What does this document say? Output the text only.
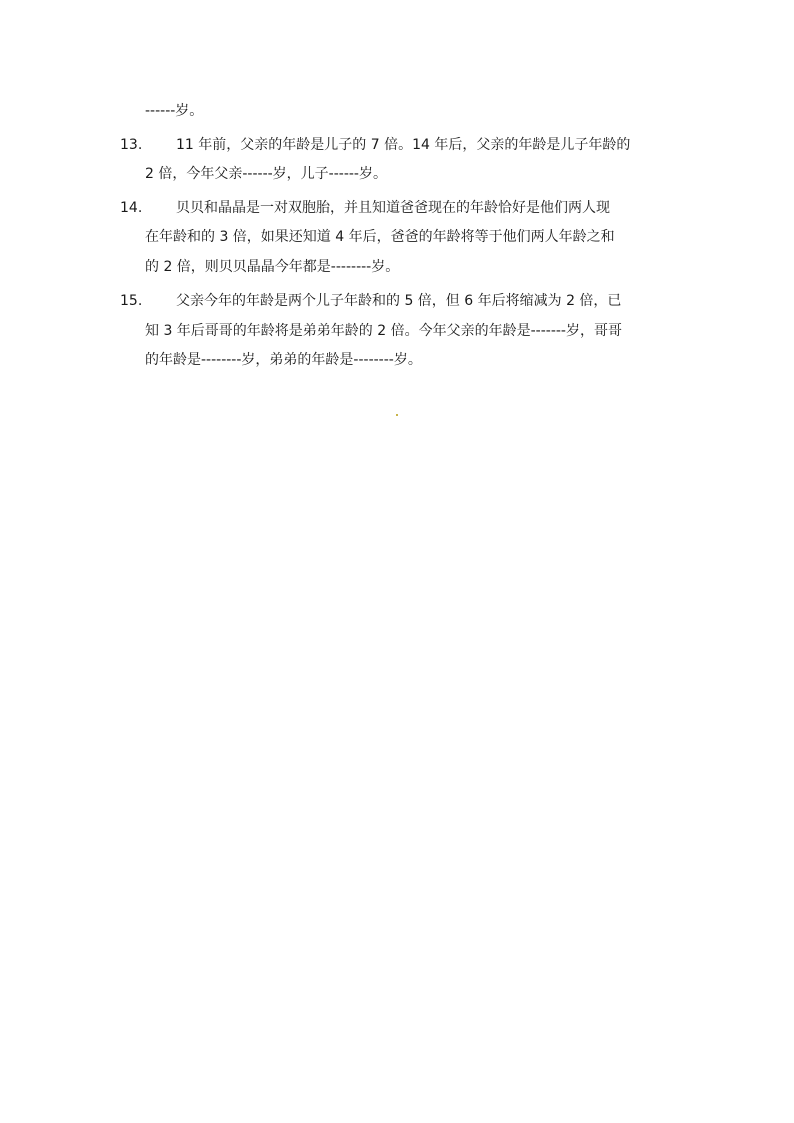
------岁。
13. 11 年前，父亲的年龄是儿子的 7 倍。14 年后，父亲的年龄是儿子年龄的
2 倍，今年父亲------岁，儿子------岁。
14. 贝贝和晶晶是一对双胞胎，并且知道爸爸现在的年龄恰好是他们两人现
在年龄和的 3 倍，如果还知道 4 年后，爸爸的年龄将等于他们两人年龄之和
的 2 倍，则贝贝晶晶今年都是--------岁。
15. 父亲今年的年龄是两个儿子年龄和的 5 倍，但 6 年后将缩减为 2 倍，已
知 3 年后哥哥的年龄将是弟弟年龄的 2 倍。今年父亲的年龄是-------岁，哥哥
的年龄是--------岁，弟弟的年龄是--------岁。
